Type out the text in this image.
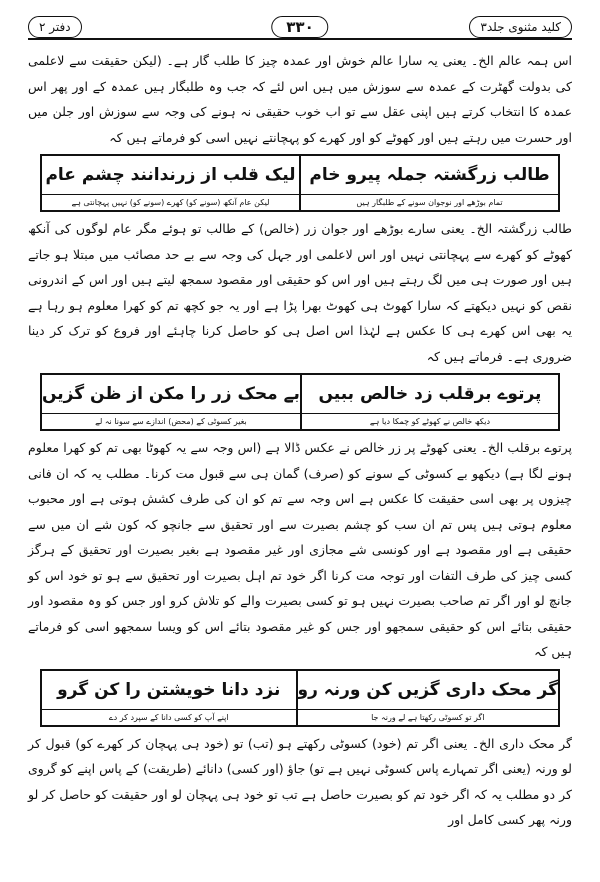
کلید مثنوی جلد۳
۳۳۰
دفتر ۲

اس ہمہ عالم الخ۔ یعنی یہ سارا عالم خوش اور عمدہ چیز کا طلب گار ہے۔ (لیکن حقیقت سے لاعلمی کی بدولت گھٹرت کے عمدہ سے سوزش میں ہیں اس لئے کہ جب وہ طلبگار ہیں عمدہ کے اور پھر اس عمدہ کا انتخاب کرتے ہیں اپنی عقل سے تو اب خوب حقیقی نہ ہونے کی وجہ سے سوزش اور جلن میں اور حسرت میں رہتے ہیں اور کھوٹے کو اور کھرے کو پہچانتے نہیں اسی کو فرماتے ہیں کہ

طالب زرگشتہ جملہ پیرو خام
تمام بوڑھے اور نوجوان سونے کے طلبگار ہیں
لیک قلب از زرندانند چشم عام
لیکن عام آنکھ (سونے کو) کھرے (سونے کو) نہیں پہچانتی ہے

طالب زرگشتہ الخ۔ یعنی سارے بوڑھے اور جوان زر (خالص) کے طالب تو ہوئے مگر عام لوگوں کی آنکھ کھوٹے کو کھرے سے پہچانتی نہیں اور اس لاعلمی اور جہل کی وجہ سے بے حد مصائب میں مبتلا ہو جاتے ہیں اور صورت ہی میں لگ رہتے ہیں اور اس کو حقیقی اور مقصود سمجھ لیتے ہیں اور اس کے اندرونی نقص کو نہیں دیکھتے کہ سارا کھوٹ ہی کھوٹ بھرا پڑا ہے اور یہ جو کچھ تم کو کھرا معلوم ہو رہا ہے یہ بھی اس کھرے ہی کا عکس ہے لہٰذا اس اصل ہی کو حاصل کرنا چاہئے اور فروع کو ترک کر دینا ضروری ہے۔ فرماتے ہیں کہ

پرتوے برقلب زد خالص ببیں
دیکھ خالص نے کھوٹے کو چمکا دیا ہے
بے محک زر را مکن از ظن گزیں
بغیر کسوٹی کے (محض) اندازے سے سونا نہ لے

پرتوے برقلب الخ۔ یعنی کھوٹے پر زر خالص نے عکس ڈالا ہے (اس وجہ سے یہ کھوٹا بھی تم کو کھرا معلوم ہونے لگا ہے) دیکھو بے کسوٹی کے سونے کو (صرف) گمان ہی سے قبول مت کرنا۔ مطلب یہ کہ ان فانی چیزوں پر بھی اسی حقیقت کا عکس ہے اس وجہ سے تم کو ان کی طرف کشش ہوتی ہے اور محبوب معلوم ہوتی ہیں پس تم ان سب کو چشم بصیرت سے اور تحقیق سے جانچو کہ کون شے ان میں سے حقیقی ہے اور مقصود ہے اور کونسی شے مجازی اور غیر مقصود ہے بغیر بصیرت اور تحقیق کے ہرگز کسی چیز کی طرف التفات اور توجہ مت کرنا اگر خود تم اہل بصیرت اور تحقیق سے ہو تو خود اس کو جانچ لو اور اگر تم صاحب بصیرت نہیں ہو تو کسی بصیرت والے کو تلاش کرو اور جس کو وہ مقصود اور حقیقی بتائے اس کو حقیقی سمجھو اور جس کو غیر مقصود بتائے اس کو ویسا سمجھو اسی کو فرماتے ہیں کہ

گر محک داری گزیں کن ورنہ رو
اگر تو کسوٹی رکھتا ہے لے ورنہ جا
نزد دانا خویشتن را کن گرو
اپنے آپ کو کسی دانا کے سپرد کر دے

گر محک داری الخ۔ یعنی اگر تم (خود) کسوٹی رکھتے ہو (تب) تو (خود ہی پہچان کر کھرے کو) قبول کر لو ورنہ (یعنی اگر تمہارے پاس کسوٹی نہیں ہے تو) جاؤ (اور کسی) دانائے (طریقت) کے پاس اپنے کو گروی کر دو مطلب یہ کہ اگر خود تم کو بصیرت حاصل ہے تب تو خود ہی پہچان لو اور حقیقت کو حاصل کر لو ورنہ پھر کسی کامل اور
